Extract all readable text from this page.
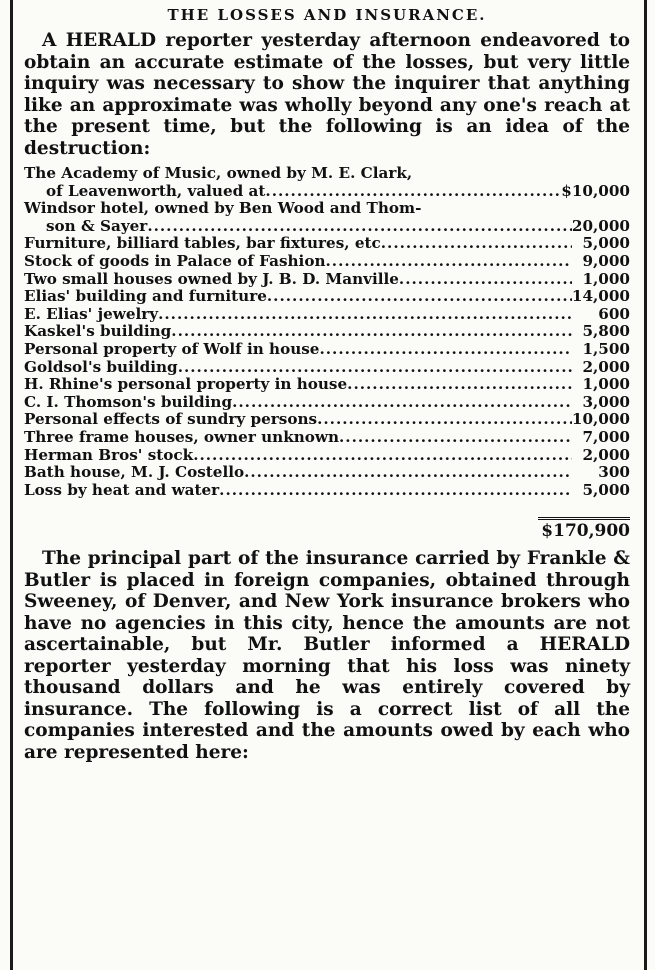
THE LOSSES AND INSURANCE.

A HERALD reporter yesterday afternoon endeavored to obtain an accurate estimate of the losses, but very little inquiry was necessary to show the inquirer that anything like an approximate was wholly beyond any one's reach at the present time, but the following is an idea of the destruction:

The Academy of Music, owned by M. E. Clark,
of Leavenworth, valued at .....	$10,000
Windsor hotel, owned by Ben Wood and Thom-
son & Sayer .....	20,000
Furniture, billiard tables, bar fixtures, etc .....	5,000
Stock of goods in Palace of Fashion .....	9,000
Two small houses owned by J. B. D. Manville .....	1,000
Elias' building and furniture .....	14,000
E. Elias' jewelry .....	600
Kaskel's building .....	5,800
Personal property of Wolf in house .....	1,500
Goldsol's building .....	2,000
H. Rhine's personal property in house .....	1,000
C. I. Thomson's building .....	3,000
Personal effects of sundry persons .....	10,000
Three frame houses, owner unknown .....	7,000
Herman Bros' stock .....	2,000
Bath house, M. J. Costello .....	300
Loss by heat and water .....	5,000
$170,900

The principal part of the insurance carried by Frankle & Butler is placed in foreign companies, obtained through Sweeney, of Denver, and New York insurance brokers who have no agencies in this city, hence the amounts are not ascertainable, but Mr. Butler informed a HERALD reporter yesterday morning that his loss was ninety thousand dollars and he was entirely covered by insurance. The following is a correct list of all the companies interested and the amounts owed by each who are represented here:
